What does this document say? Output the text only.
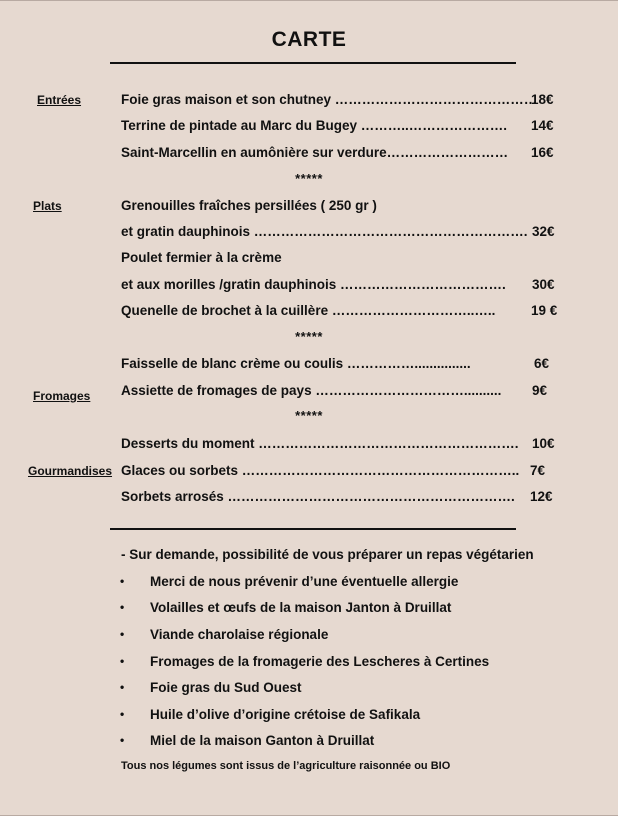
CARTE
Entrées
Plats
Fromages
Gourmandises
Foie gras maison et son chutney ………………………………………
18€
Terrine de pintade au Marc du Bugey ………..…………………. 14€
Saint-Marcellin en aumônière sur verdure……………………… 16€
*****
Grenouilles fraîches persillées ( 250 gr )
et gratin dauphinois ……………………………………………………. 32€
Poulet fermier à la crème
et aux morilles /gratin dauphinois ………………………………. 30€
Quenelle de brochet à la cuillère …………………………..…..	19 €
*****
Faisselle de blanc crème ou coulis ……………...............	6€
Assiette de fromages de pays …………………………….......... 9€
*****
Desserts du moment …………………………………………………. 10€
Glaces ou sorbets …………………………………………………….. 7€
Sorbets arrosés ………………………………………………………. 12€
- Sur demande, possibilité de vous préparer un repas végétarien
• Merci de nous prévenir d’une éventuelle allergie
• Volailles et œufs de la maison Janton à Druillat
• Viande charolaise régionale
• Fromages de la fromagerie des Lescheres à Certines
• Foie gras du Sud Ouest
• Huile d’olive d’origine crétoise de Safikala
• Miel de la maison Ganton à Druillat
Tous nos légumes sont issus de l’agriculture raisonnée ou BIO
